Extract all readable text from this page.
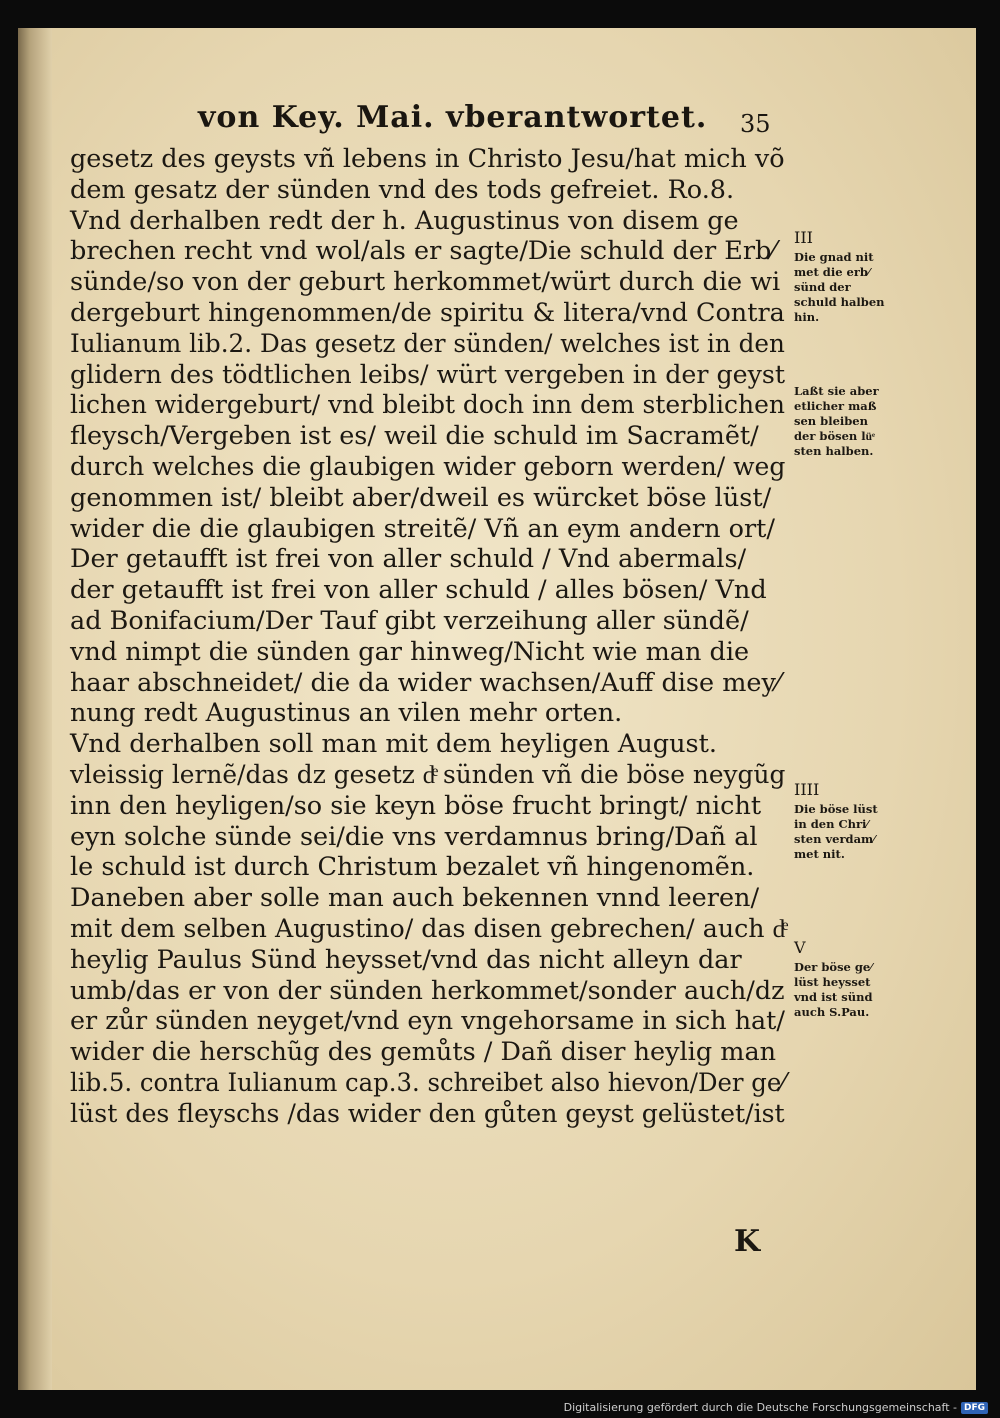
von Key. Mai. vberantwortet.	35
gesetz des geysts vñ lebens in Christo Jesu/hat mich võ
dem gesatz der sünden vnd des tods gefreiet. Ro.8.
Vnd derhalben redt der h. Augustinus von disem ge
brechen recht vnd wol/als er sagte/Die schuld der Erb⁄
sünde/so von der geburt herkommet/würt durch die wi
dergeburt hingenommen/de spiritu & litera/vnd Contra
Iulianum lib.2. Das gesetz der sünden/ welches ist in den
glidern des tödtlichen leibs/ würt vergeben in der geyst
lichen widergeburt/ vnd bleibt doch inn dem sterblichen
fleysch/Vergeben ist es/ weil die schuld im Sacramẽt/
durch welches die glaubigen wider geborn werden/ weg
genommen ist/ bleibt aber/dweil es würcket böse lüst/
wider die die glaubigen streitẽ/ Vñ an eym andern ort/
Der getaufft ist frei von aller schuld / Vnd abermals/
der getaufft ist frei von aller schuld / alles bösen/ Vnd
ad Bonifacium/Der Tauf gibt verzeihung aller sündẽ/
vnd nimpt die sünden gar hinweg/Nicht wie man die
haar abschneidet/ die da wider wachsen/Auff dise mey⁄
nung redt Augustinus an vilen mehr orten.
Vnd derhalben soll man mit dem heyligen August.
vleissig lernẽ/das dz gesetz dͤ sünden vñ die böse neygũg
inn den heyligen/so sie keyn böse frucht bringt/ nicht
eyn solche sünde sei/die vns verdamnus bring/Dañ al
le schuld ist durch Christum bezalet vñ hingenomẽn.
Daneben aber solle man auch bekennen vnnd leeren/
mit dem selben Augustino/ das disen gebrechen/ auch dͤ
heylig Paulus Sünd heysset/vnd das nicht alleyn dar
umb/das er von der sünden herkommet/sonder auch/dz
er zůr sünden neyget/vnd eyn vngehorsame in sich hat/
wider die herschũg des gemůts / Dañ diser heylig man
lib.5. contra Iulianum cap.3. schreibet also hievon/Der ge⁄
lüst des fleyschs /das wider den gůten geyst gelüstet/ist
III
Die gnad nit
met die erb⁄
sünd der
schuld halben
hin.
Laßt sie aber
etlicher maß
sen bleiben
der bösen lüͤ
sten halben.
IIII
Die böse lüst
in den Chri⁄
sten verdam⁄
met nit.
V
Der böse ge⁄
lüst heysset
vnd ist sünd
auch S.Pau.
K
Digitalisierung gefördert durch die Deutsche Forschungsgemeinschaft - DFG
